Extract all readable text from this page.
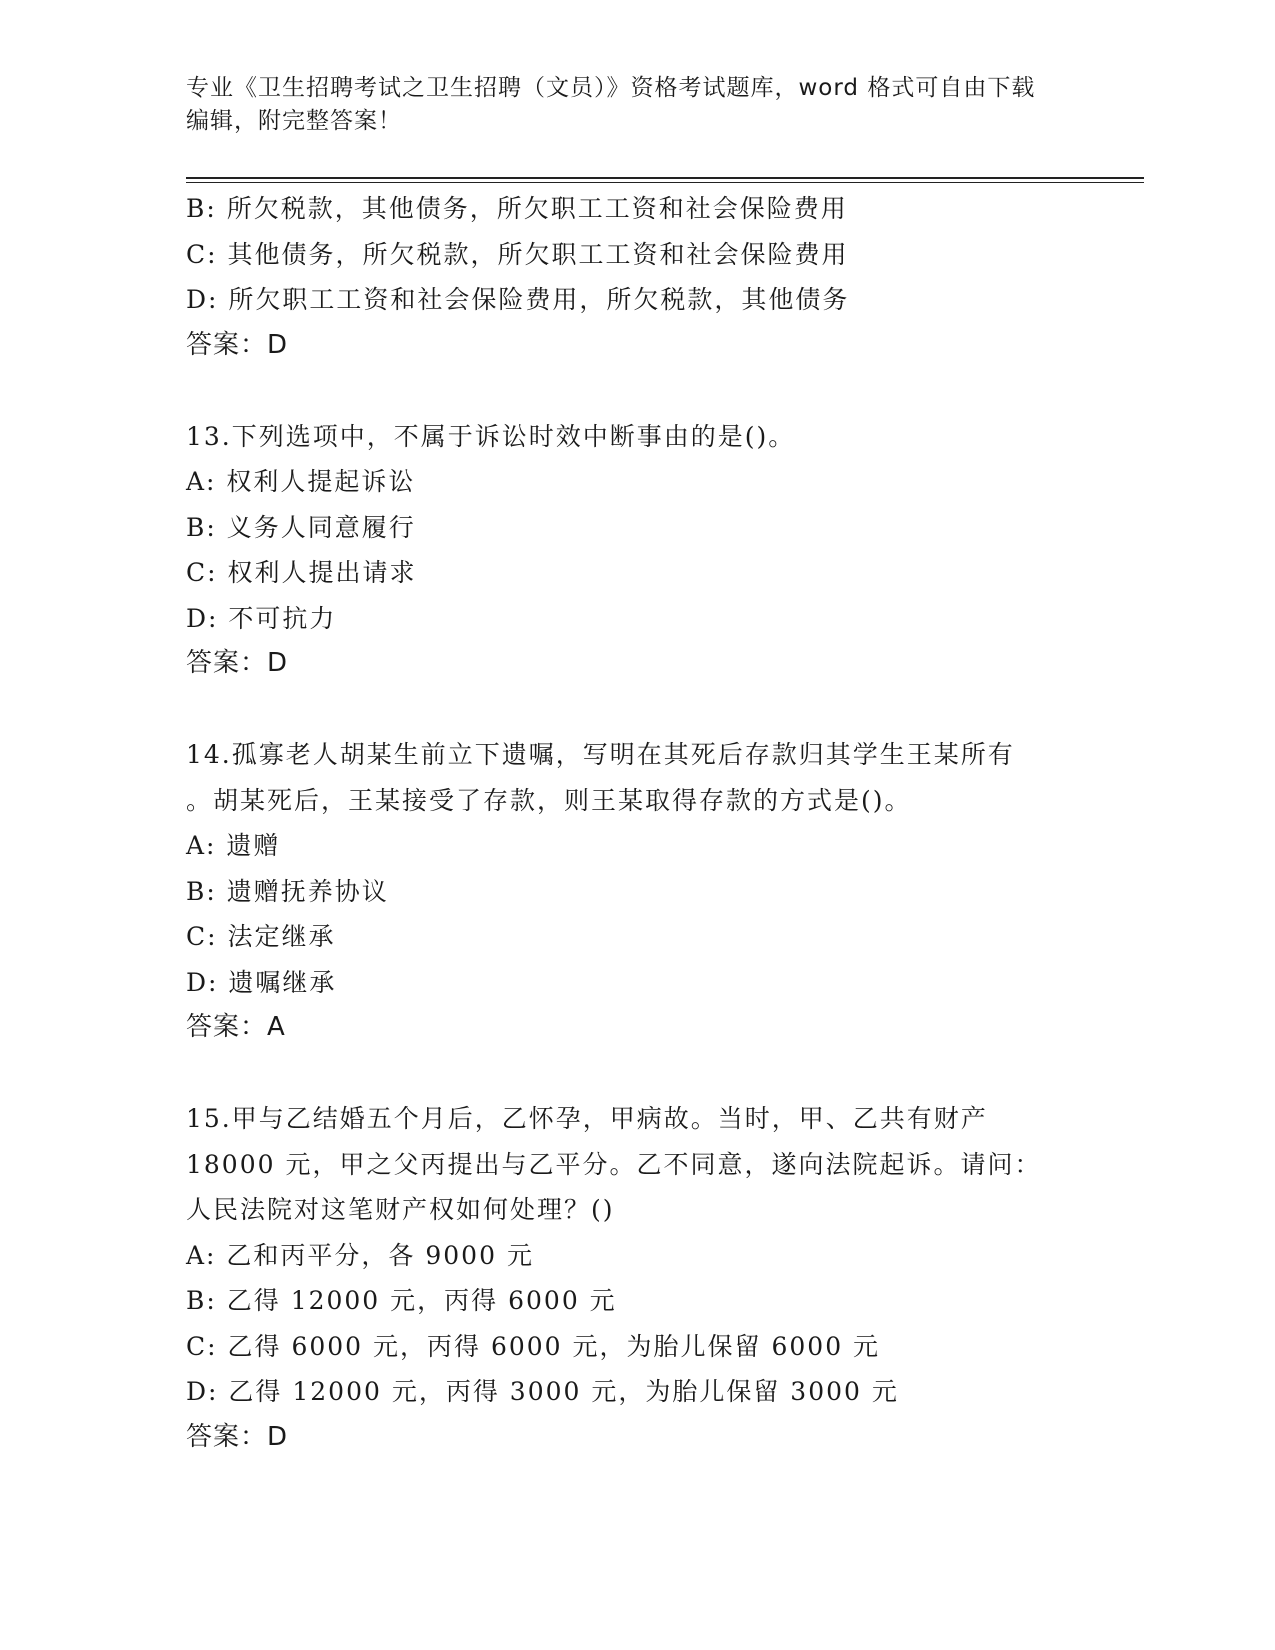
专业《卫生招聘考试之卫生招聘（文员）》资格考试题库，word 格式可自由下载

编辑，附完整答案！

B: 所欠税款，其他债务，所欠职工工资和社会保险费用

C: 其他债务，所欠税款，所欠职工工资和社会保险费用

D: 所欠职工工资和社会保险费用，所欠税款，其他债务

答案：D

13.下列选项中，不属于诉讼时效中断事由的是()。

A: 权利人提起诉讼

B: 义务人同意履行

C: 权利人提出请求

D: 不可抗力

答案：D

14.孤寡老人胡某生前立下遗嘱，写明在其死后存款归其学生王某所有

。胡某死后，王某接受了存款，则王某取得存款的方式是()。

A: 遗赠

B: 遗赠抚养协议

C: 法定继承

D: 遗嘱继承

答案：A

15.甲与乙结婚五个月后，乙怀孕，甲病故。当时，甲、乙共有财产

18000 元，甲之父丙提出与乙平分。乙不同意，遂向法院起诉。请问：

人民法院对这笔财产权如何处理？()

A: 乙和丙平分，各 9000 元

B: 乙得 12000 元，丙得 6000 元

C: 乙得 6000 元，丙得 6000 元，为胎儿保留 6000 元

D: 乙得 12000 元，丙得 3000 元，为胎儿保留 3000 元

答案：D
